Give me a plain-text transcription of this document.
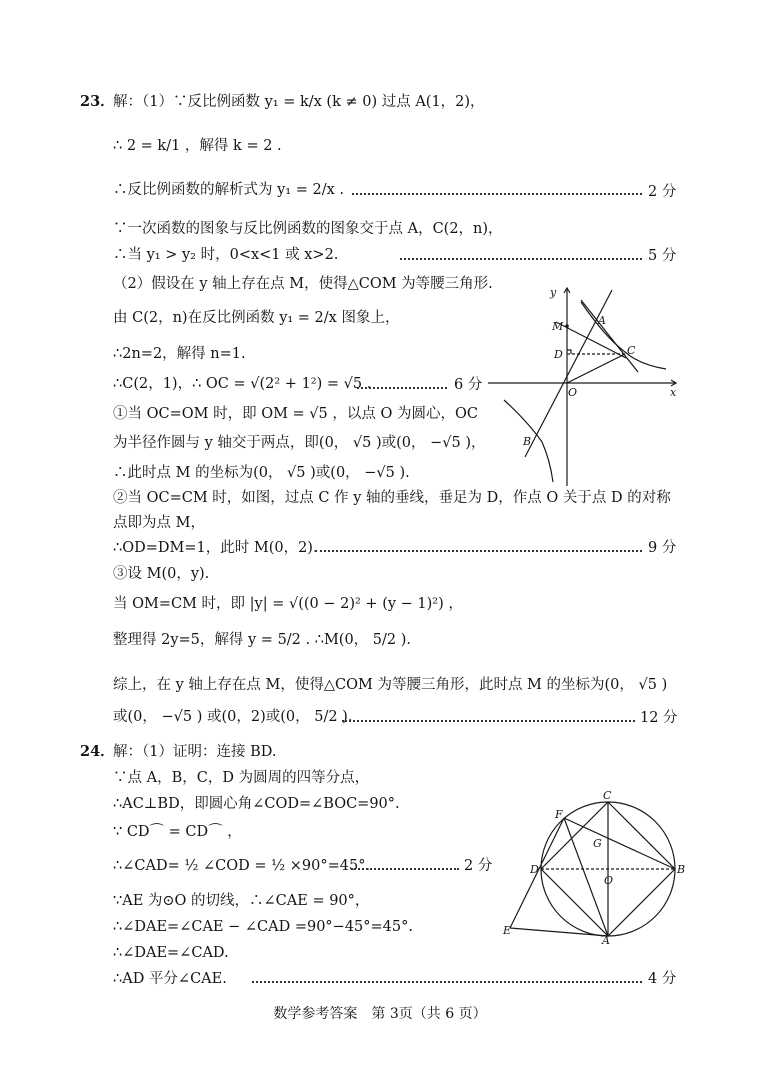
23．
解：（1）∵反比例函数 y₁ = k/x (k ≠ 0) 过点 A(1，2)，
∴ 2 = k/1 ，解得 k = 2 .
∴反比例函数的解析式为 y₁ = 2/x .	2 分
∵一次函数的图象与反比例函数的图象交于点 A，C(2，n)，
∴当 y₁ > y₂ 时，0<x<1 或 x>2.	5 分
（2）假设在 y 轴上存在点 M，使得△COM 为等腰三角形.
由 C(2，n)在反比例函数 y₁ = 2/x 图象上，
∴2n=2，解得 n=1.
∴C(2，1)，∴ OC = √(2² + 1²) = √5 .	6 分
①当 OC=OM 时，即 OM = √5 ，以点 O 为圆心，OC
为半径作圆与 y 轴交于两点，即(0， √5 )或(0， −√5 )，
∴此时点 M 的坐标为(0， √5 )或(0， −√5 ).
②当 OC=CM 时，如图，过点 C 作 y 轴的垂线，垂足为 D，作点 O 关于点 D 的对称
点即为点 M，
∴OD=DM=1，此时 M(0，2).	9 分
③设 M(0，y).
当 OM=CM 时，即 |y| = √((0 − 2)² + (y − 1)²) ，
整理得 2y=5，解得 y = 5/2 . ∴M(0， 5/2 ).
综上，在 y 轴上存在点 M，使得△COM 为等腰三角形，此时点 M 的坐标为(0， √5 )
或(0， −√5 ) 或(0，2)或(0， 5/2 ).	12 分
y
x
M	A
D	C
O
B
24．
解：（1）证明：连接 BD.
∵点 A，B，C，D 为圆周的四等分点，
∴AC⊥BD，即圆心角∠COD=∠BOC=90°.
∵ CD⌒ = CD⌒ ，
∴∠CAD= ½ ∠COD = ½ ×90°=45°.	2 分
∵AE 为⊙O 的切线，∴∠CAE = 90°，
∴∠DAE=∠CAE − ∠CAD =90°−45°=45°.
∴∠DAE=∠CAD.
∴AD 平分∠CAE.	4 分
C
F
G
D
O
B
E
A
数学参考答案　第 3页（共 6 页）
